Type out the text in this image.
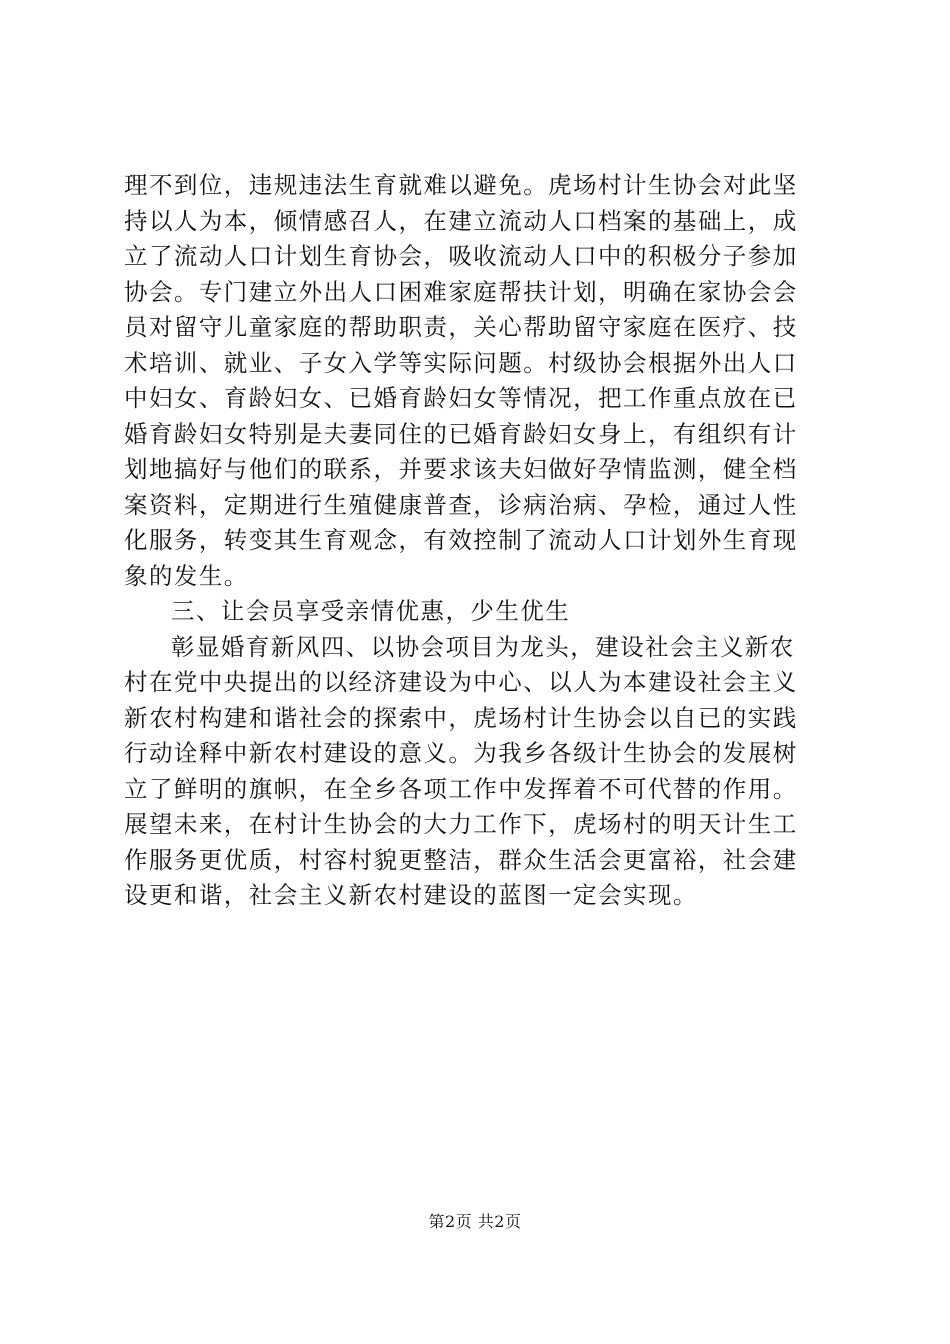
理不到位，违规违法生育就难以避免。虎场村计生协会对此坚
持以人为本，倾情感召人，在建立流动人口档案的基础上，成
立了流动人口计划生育协会，吸收流动人口中的积极分子参加
协会。专门建立外出人口困难家庭帮扶计划，明确在家协会会
员对留守儿童家庭的帮助职责，关心帮助留守家庭在医疗、技
术培训、就业、子女入学等实际问题。村级协会根据外出人口
中妇女、育龄妇女、已婚育龄妇女等情况，把工作重点放在已
婚育龄妇女特别是夫妻同住的已婚育龄妇女身上，有组织有计
划地搞好与他们的联系，并要求该夫妇做好孕情监测，健全档
案资料，定期进行生殖健康普查，诊病治病、孕检，通过人性
化服务，转变其生育观念，有效控制了流动人口计划外生育现
象的发生。
三、让会员享受亲情优惠，少生优生
彰显婚育新风四、以协会项目为龙头，建设社会主义新农
村在党中央提出的以经济建设为中心、以人为本建设社会主义
新农村构建和谐社会的探索中，虎场村计生协会以自已的实践
行动诠释中新农村建设的意义。为我乡各级计生协会的发展树
立了鲜明的旗帜，在全乡各项工作中发挥着不可代替的作用。
展望未来，在村计生协会的大力工作下，虎场村的明天计生工
作服务更优质，村容村貌更整洁，群众生活会更富裕，社会建
设更和谐，社会主义新农村建设的蓝图一定会实现。
第2页 共2页
